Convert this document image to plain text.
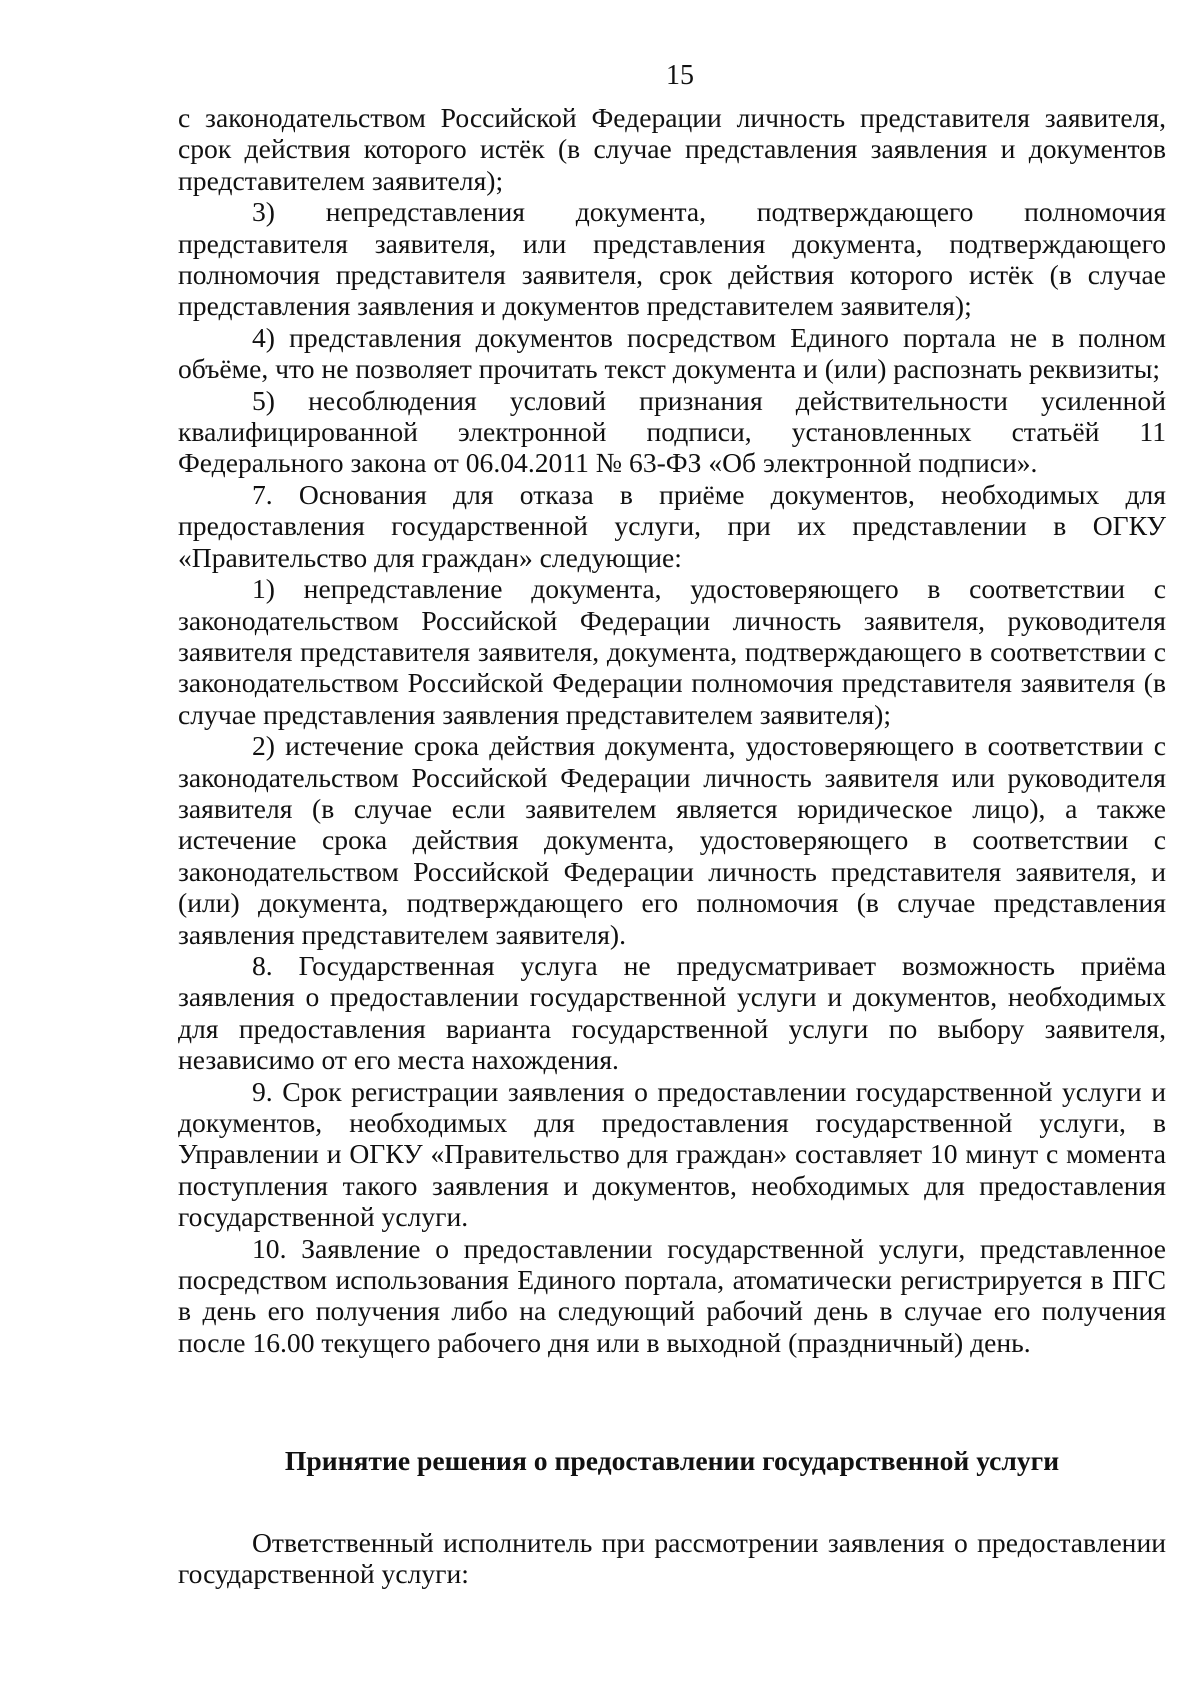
15

с законодательством Российской Федерации личность представителя заявителя, срок действия которого истёк (в случае представления заявления и документов представителем заявителя);

3) непредставления документа, подтверждающего полномочия представителя заявителя, или представления документа, подтверждающего полномочия представителя заявителя, срок действия которого истёк (в случае представления заявления и документов представителем заявителя);

4) представления документов посредством Единого портала не в полном объёме, что не позволяет прочитать текст документа и (или) распознать реквизиты;

5) несоблюдения условий признания действительности усиленной квалифицированной электронной подписи, установленных статьёй 11 Федерального закона от 06.04.2011 № 63-ФЗ «Об электронной подписи».

7. Основания для отказа в приёме документов, необходимых для предоставления государственной услуги, при их представлении в ОГКУ «Правительство для граждан» следующие:

1) непредставление документа, удостоверяющего в соответствии с законодательством Российской Федерации личность заявителя, руководителя заявителя представителя заявителя, документа, подтверждающего в соответствии с законодательством Российской Федерации полномочия представителя заявителя (в случае представления заявления представителем заявителя);

2) истечение срока действия документа, удостоверяющего в соответствии с законодательством Российской Федерации личность заявителя или руководителя заявителя (в случае если заявителем является юридическое лицо), а также истечение срока действия документа, удостоверяющего в соответствии с законодательством Российской Федерации личность представителя заявителя, и (или) документа, подтверждающего его полномочия (в случае представления заявления представителем заявителя).

8. Государственная услуга не предусматривает возможность приёма заявления о предоставлении государственной услуги и документов, необходимых для предоставления варианта государственной услуги по выбору заявителя, независимо от его места нахождения.

9. Срок регистрации заявления о предоставлении государственной услуги и документов, необходимых для предоставления государственной услуги, в Управлении и ОГКУ «Правительство для граждан» составляет 10 минут с момента поступления такого заявления и документов, необходимых для предоставления государственной услуги.

10. Заявление о предоставлении государственной услуги, представленное посредством использования Единого портала, атоматически регистрируется в ПГС в день его получения либо на следующий рабочий день в случае его получения после 16.00 текущего рабочего дня или в выходной (праздничный) день.

Принятие решения о предоставлении государственной услуги

Ответственный исполнитель при рассмотрении заявления о предоставлении государственной услуги:
